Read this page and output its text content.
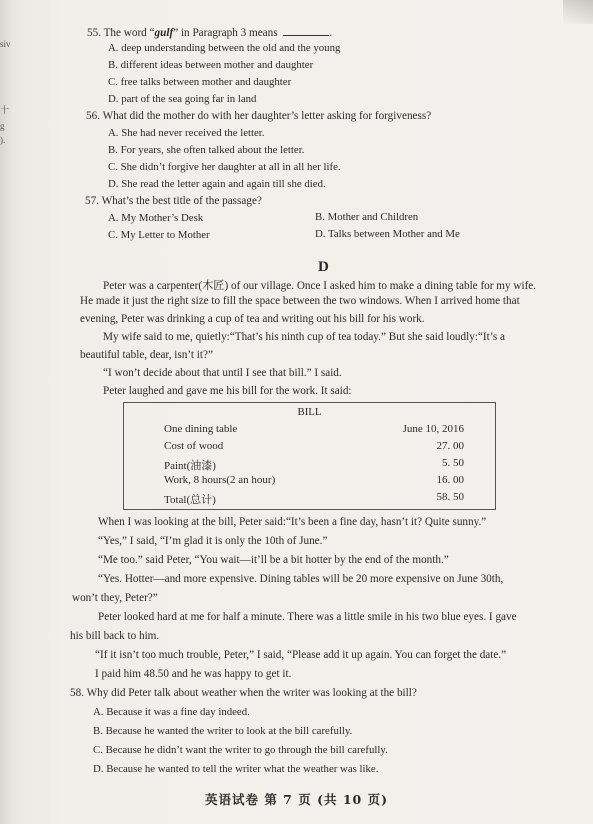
siv
十
g
).
55. The word “gulf” in Paragraph 3 means	.
A. deep understanding between the old and the young
B. different ideas between mother and daughter
C. free talks between mother and daughter
D. part of the sea going far in land
56. What did the mother do with her daughter’s letter asking for forgiveness?
A. She had never received the letter.
B. For years, she often talked about the letter.
C. She didn’t forgive her daughter at all in all her life.
D. She read the letter again and again till she died.
57. What’s the best title of the passage?
A. My Mother’s Desk	B. Mother and Children
C. My Letter to Mother	D. Talks between Mother and Me
D
Peter was a carpenter(木匠) of our village. Once I asked him to make a dining table for my wife.
He made it just the right size to fill the space between the two windows. When I arrived home that
evening, Peter was drinking a cup of tea and writing out his bill for his work.
My wife said to me, quietly:“That’s his ninth cup of tea today.” But she said loudly:“It’s a
beautiful table, dear, isn’t it?”
“I won’t decide about that until I see that bill.” I said.
Peter laughed and gave me his bill for the work. It said:
BILL
One dining table	June 10, 2016
Cost of wood	27. 00
Paint(油漆)	5. 50
Work, 8 hours(2 an hour)	16. 00
Total(总计)	58. 50
When I was looking at the bill, Peter said:“It’s been a fine day, hasn’t it? Quite sunny.”
“Yes,” I said, “I’m glad it is only the 10th of June.”
“Me too.” said Peter, “You wait—it’ll be a bit hotter by the end of the month.”
“Yes. Hotter—and more expensive. Dining tables will be 20 more expensive on June 30th,
won’t they, Peter?”
Peter looked hard at me for half a minute. There was a little smile in his two blue eyes. I gave
his bill back to him.
“If it isn’t too much trouble, Peter,” I said, “Please add it up again. You can forget the date.”
I paid him 48.50 and he was happy to get it.
58. Why did Peter talk about weather when the writer was looking at the bill?
A. Because it was a fine day indeed.
B. Because he wanted the writer to look at the bill carefully.
C. Because he didn’t want the writer to go through the bill carefully.
D. Because he wanted to tell the writer what the weather was like.
英语试卷 第 7 页 (共 10 页)
